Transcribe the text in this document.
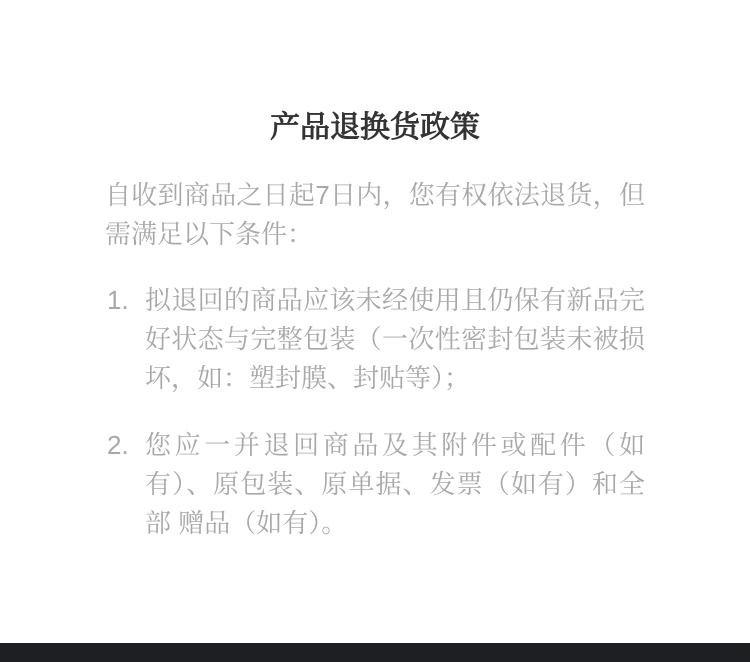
产品退换货政策

自收到商品之日起7日内，您有权依法退货，但需满足以下条件：

1. 拟退回的商品应该未经使用且仍保有新品完好状态与完整包装（一次性密封包装未被损坏，如：塑封膜、封贴等）；
2. 您应一并退回商品及其附件或配件（如有）、原包装、原单据、发票（如有）和全部 赠品（如有）。
